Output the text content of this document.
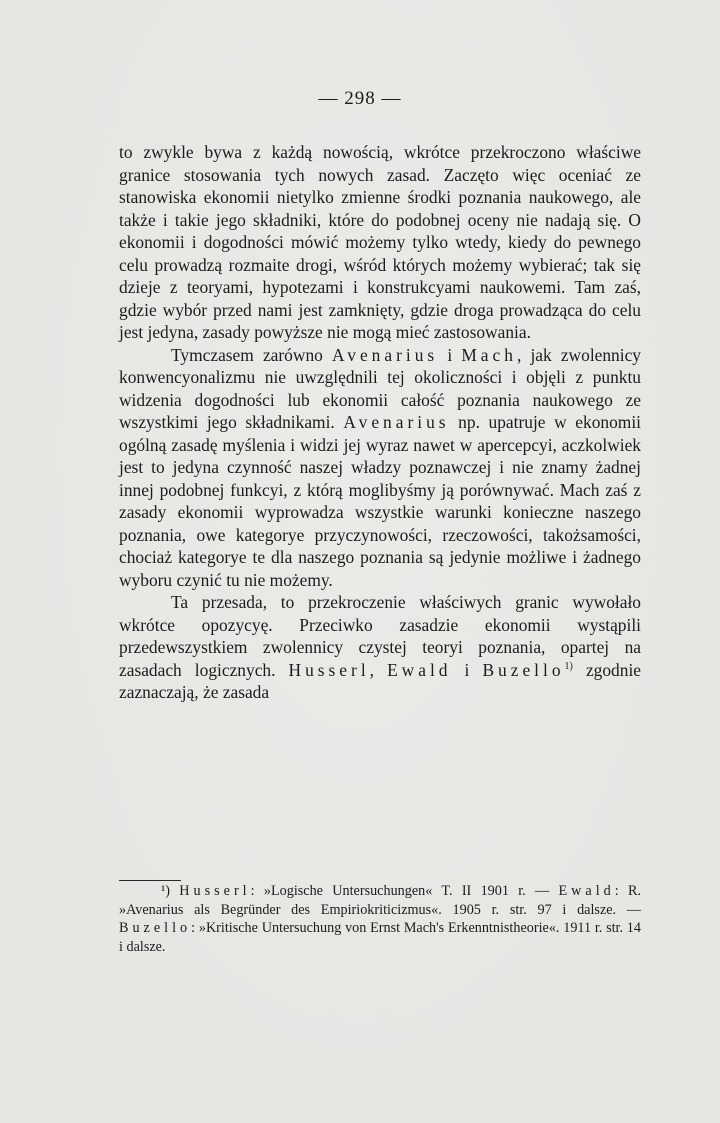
— 298 —

to zwykle bywa z każdą nowością, wkrótce przekroczono właściwe granice stosowania tych nowych zasad. Zaczęto więc oceniać ze stanowiska ekonomii nietylko zmienne środki poznania naukowego, ale także i takie jego składniki, które do podobnej oceny nie nadają się. O ekonomii i dogodności mówić możemy tylko wtedy, kiedy do pewnego celu prowadzą rozmaite drogi, wśród których możemy wybierać; tak się dzieje z teoryami, hypotezami i konstrukcyami naukowemi. Tam zaś, gdzie wybór przed nami jest zamknięty, gdzie droga prowadząca do celu jest jedyna, zasady powyższe nie mogą mieć zastosowania.

Tymczasem zarówno Avenarius i Mach, jak zwolennicy konwencyonalizmu nie uwzględnili tej okoliczności i objęli z punktu widzenia dogodności lub ekonomii całość poznania naukowego ze wszystkimi jego składnikami. Avenarius np. upatruje w ekonomii ogólną zasadę myślenia i widzi jej wyraz nawet w apercepcyi, aczkolwiek jest to jedyna czynność naszej władzy poznawczej i nie znamy żadnej innej podobnej funkcyi, z którą moglibyśmy ją porównywać. Mach zaś z zasady ekonomii wyprowadza wszystkie warunki konieczne naszego poznania, owe kategorye przyczynowości, rzeczowości, takożsamości, chociaż kategorye te dla naszego poznania są jedynie możliwe i żadnego wyboru czynić tu nie możemy.

Ta przesada, to przekroczenie właściwych granic wywołało wkrótce opozycyę. Przeciwko zasadzie ekonomii wystąpili przedewszystkiem zwolennicy czystej teoryi poznania, opartej na zasadach logicznych. Husserl, Ewald i Buzello$^{1)}$ zgodnie zaznaczają, że zasada

¹) Husserl: »Logische Untersuchungen« T. II 1901 r. — Ewald: R. »Avenarius als Begründer des Empiriokriticizmus«. 1905 r. str. 97 i dalsze. — Buzello: »Kritische Untersuchung von Ernst Mach's Erkenntnistheorie«. 1911 r. str. 14 i dalsze.
